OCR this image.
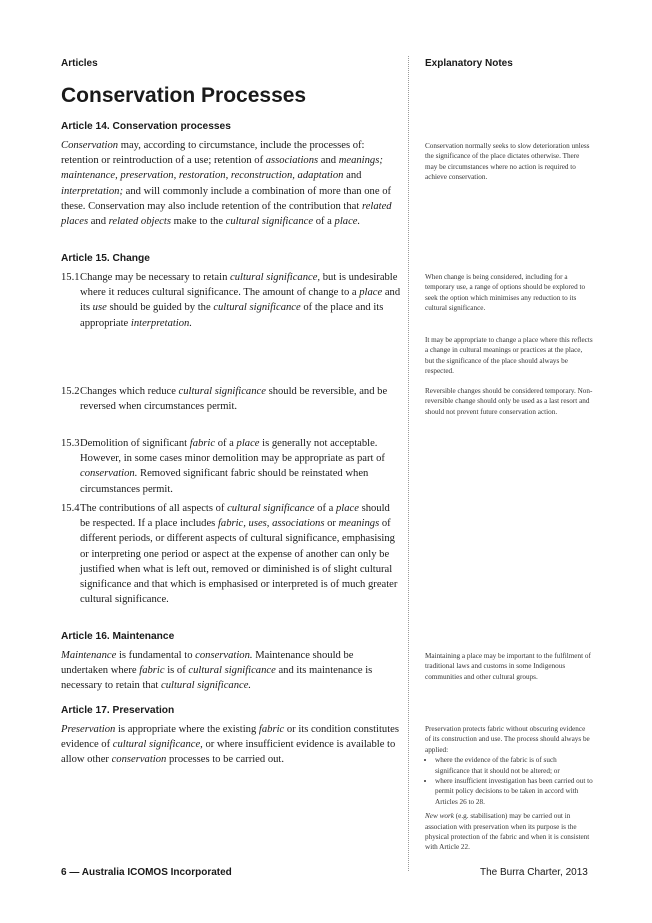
Articles	Explanatory Notes
Conservation Processes
Article 14. Conservation processes

Conservation may, according to circumstance, include the processes of: retention or reintroduction of a use; retention of associations and meanings; maintenance, preservation, restoration, reconstruction, adaptation and interpretation; and will commonly include a combination of more than one of these. Conservation may also include retention of the contribution that related places and related objects make to the cultural significance of a place.

Conservation normally seeks to slow deterioration unless the significance of the place dictates otherwise. There may be circumstances where no action is required to achieve conservation.

Article 15. Change
15.1 Change may be necessary to retain cultural significance, but is undesirable where it reduces cultural significance. The amount of change to a place and its use should be guided by the cultural significance of the place and its appropriate interpretation.

15.2 Changes which reduce cultural significance should be reversible, and be reversed when circumstances permit.

15.3 Demolition of significant fabric of a place is generally not acceptable. However, in some cases minor demolition may be appropriate as part of conservation. Removed significant fabric should be reinstated when circumstances permit.

15.4 The contributions of all aspects of cultural significance of a place should be respected. If a place includes fabric, uses, associations or meanings of different periods, or different aspects of cultural significance, emphasising or interpreting one period or aspect at the expense of another can only be justified when what is left out, removed or diminished is of slight cultural significance and that which is emphasised or interpreted is of much greater cultural significance.

When change is being considered, including for a temporary use, a range of options should be explored to seek the option which minimises any reduction to its cultural significance.

It may be appropriate to change a place where this reflects a change in cultural meanings or practices at the place, but the significance of the place should always be respected.

Reversible changes should be considered temporary. Non-reversible change should only be used as a last resort and should not prevent future conservation action.

Article 16. Maintenance

Maintenance is fundamental to conservation. Maintenance should be undertaken where fabric is of cultural significance and its maintenance is necessary to retain that cultural significance.

Maintaining a place may be important to the fulfilment of traditional laws and customs in some Indigenous communities and other cultural groups.

Article 17. Preservation

Preservation is appropriate where the existing fabric or its condition constitutes evidence of cultural significance, or where insufficient evidence is available to allow other conservation processes to be carried out.

Preservation protects fabric without obscuring evidence of its construction and use. The process should always be applied:

• where the evidence of the fabric is of such significance that it should not be altered; or
• where insufficient investigation has been carried out to permit policy decisions to be taken in accord with Articles 26 to 28.

New work (e.g. stabilisation) may be carried out in association with preservation when its purpose is the physical protection of the fabric and when it is consistent with Article 22.

6 — Australia ICOMOS Incorporated	The Burra Charter, 2013
